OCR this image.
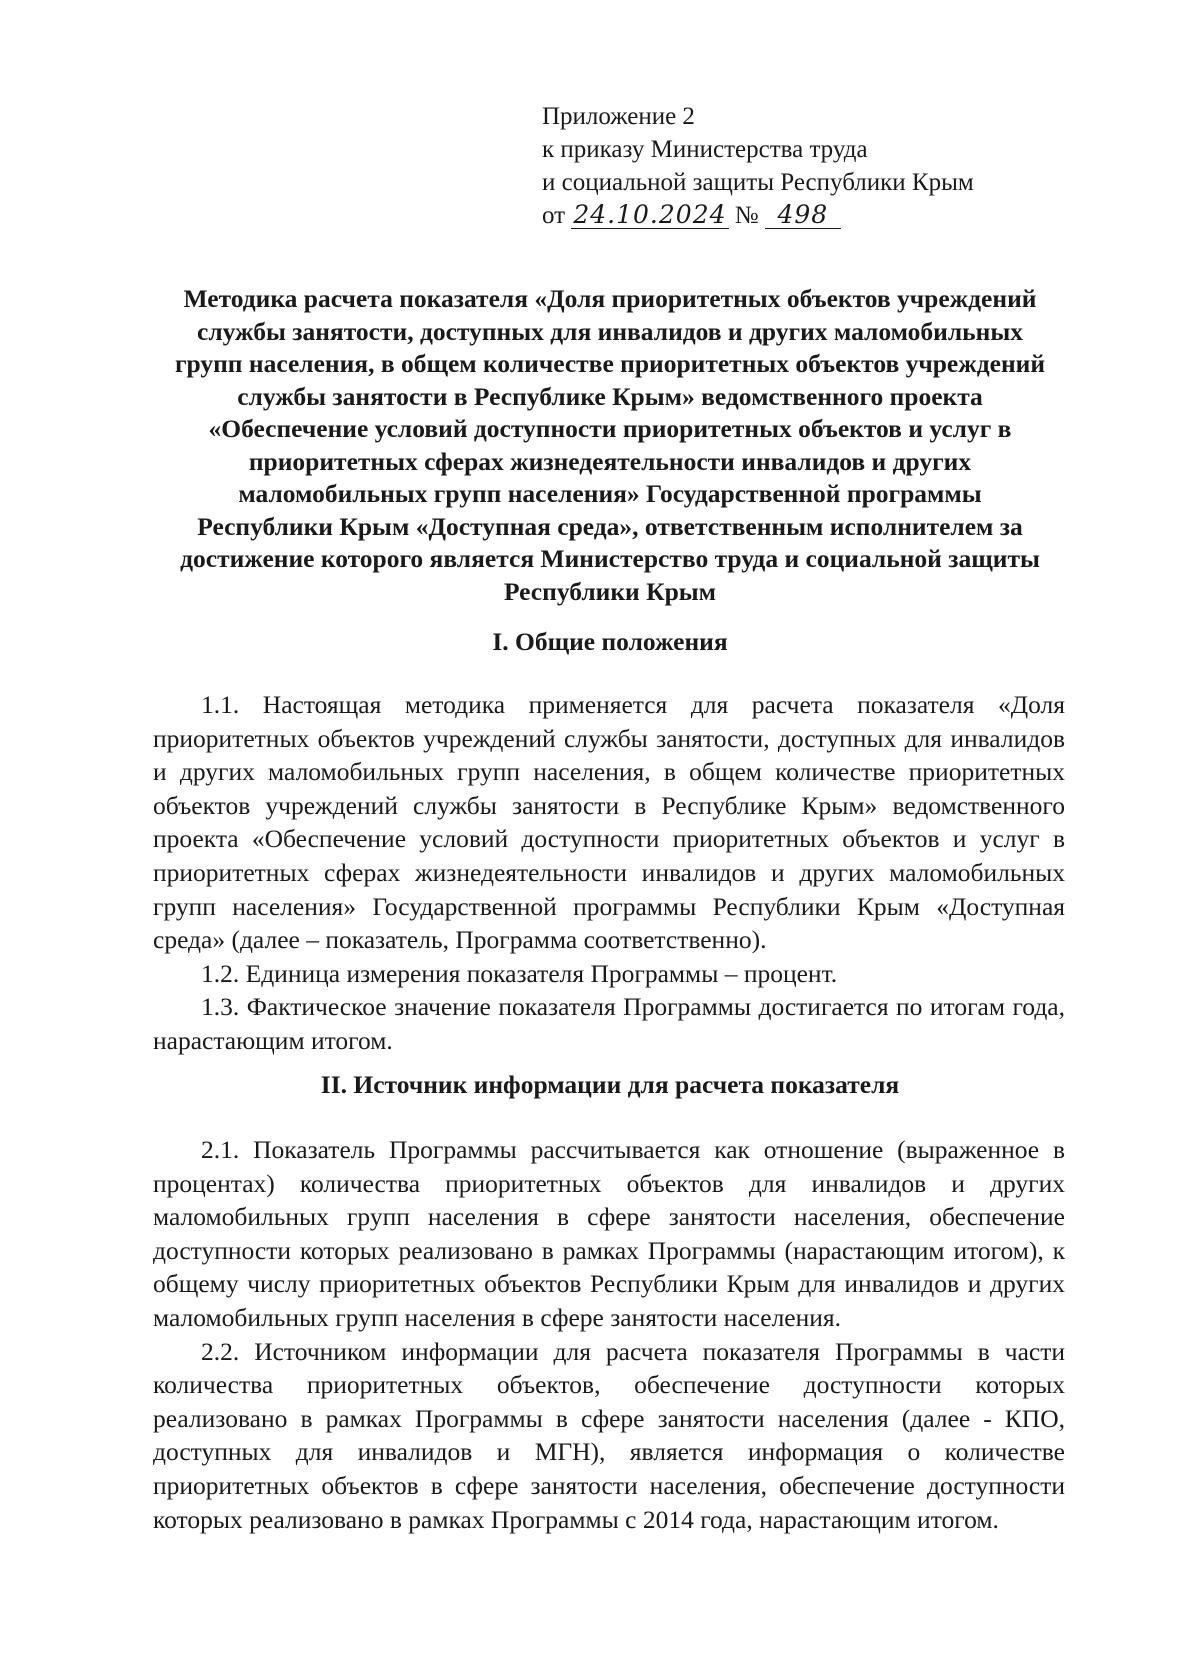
Приложение 2
к приказу Министерства труда
и социальной защиты Республики Крым
от 24.10.2024 № 498
Методика расчета показателя «Доля приоритетных объектов учреждений
службы занятости, доступных для инвалидов и других маломобильных
групп населения, в общем количестве приоритетных объектов учреждений
службы занятости в Республике Крым» ведомственного проекта
«Обеспечение условий доступности приоритетных объектов и услуг в
приоритетных сферах жизнедеятельности инвалидов и других
маломобильных групп населения» Государственной программы
Республики Крым «Доступная среда», ответственным исполнителем за
достижение которого является Министерство труда и социальной защиты
Республики Крым
I. Общие положения

1.1. Настоящая методика применяется для расчета показателя «Доля приоритетных объектов учреждений службы занятости, доступных для инвалидов и других маломобильных групп населения, в общем количестве приоритетных объектов учреждений службы занятости в Республике Крым» ведомственного проекта «Обеспечение условий доступности приоритетных объектов и услуг в приоритетных сферах жизнедеятельности инвалидов и других маломобильных групп населения» Государственной программы Республики Крым «Доступная среда» (далее – показатель, Программа соответственно).

1.2. Единица измерения показателя Программы – процент.

1.3. Фактическое значение показателя Программы достигается по итогам года, нарастающим итогом.

II. Источник информации для расчета показателя

2.1. Показатель Программы рассчитывается как отношение (выраженное в процентах) количества приоритетных объектов для инвалидов и других маломобильных групп населения в сфере занятости населения, обеспечение доступности которых реализовано в рамках Программы (нарастающим итогом), к общему числу приоритетных объектов Республики Крым для инвалидов и других маломобильных групп населения в сфере занятости населения.

2.2. Источником информации для расчета показателя Программы в части количества приоритетных объектов, обеспечение доступности которых реализовано в рамках Программы в сфере занятости населения (далее - КПО, доступных для инвалидов и МГН), является информация о количестве приоритетных объектов в сфере занятости населения, обеспечение доступности которых реализовано в рамках Программы с 2014 года, нарастающим итогом.
